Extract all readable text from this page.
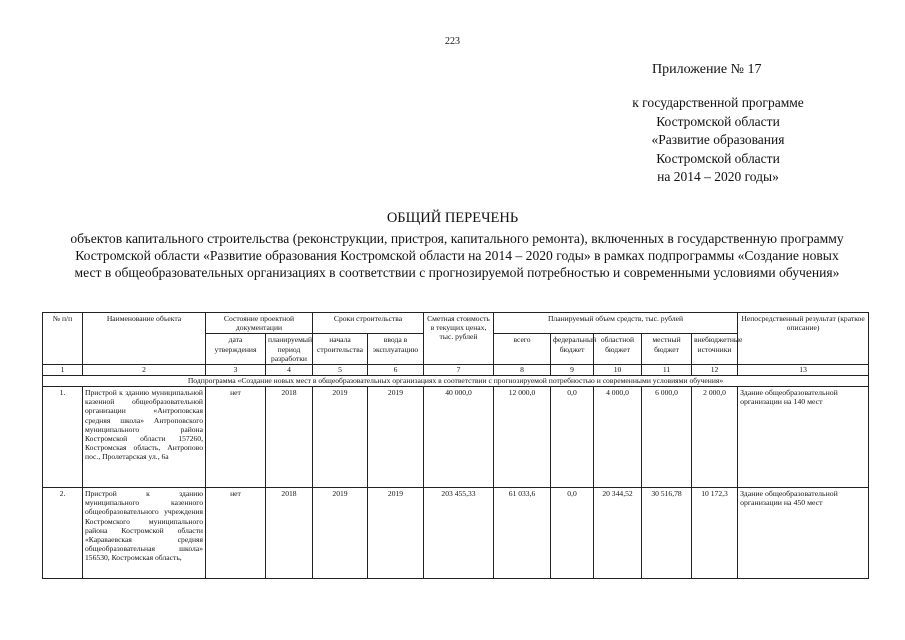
223
Приложение № 17
к государственной программе
Костромской области
«Развитие образования
Костромской области
на 2014 – 2020 годы»
ОБЩИЙ ПЕРЕЧЕНЬ
объектов капитального строительства (реконструкции, пристроя, капитального ремонта), включенных в государственную программу Костромской области «Развитие образования Костромской области на 2014 – 2020 годы» в рамках подпрограммы «Создание новых мест в общеобразовательных организациях в соответствии с прогнозируемой потребностью и современными условиями обучения»
№ п/п	Наименование объекта	Состояние проектной документации		Сроки строительства		Сметная стоимость в текущих ценах, тыс. рублей	Планируемый объем средств, тыс. рублей					Непосредственный результат (краткое описание)
		дата утверждения	планируемый период разработки	начала строительства	ввода в эксплуатацию		всего	федеральный бюджет	областной бюджет	местный бюджет	внебюджетные источники	
1	2	3	4	5	6	7	8	9	10	11	12	13
Подпрограмма «Создание новых мест в общеобразовательных организациях в соответствии с прогнозируемой потребностью и современными условиями обучения»												
1.	Пристрой к зданию муниципальной казенной общеобразовательной организации «Антроповская средняя школа» Антроповского муниципального района Костромской области 157260, Костромская область, Антропово пос., Пролетарская ул., 6а	нет	2018	2019	2019	40 000,0	12 000,0	0,0	4 000,0	6 000,0	2 000,0	Здание общеобразовательной организации на 140 мест
2.	Пристрой к зданию муниципального казенного общеобразовательного учреждения Костромского муниципального района Костромской области «Караваевская средняя общеобразовательная школа» 156530, Костромская область,	нет	2018	2019	2019	203 455,33	61 033,6	0,0	20 344,52	30 516,78	10 172,3	Здание общеобразовательной организации на 450 мест
